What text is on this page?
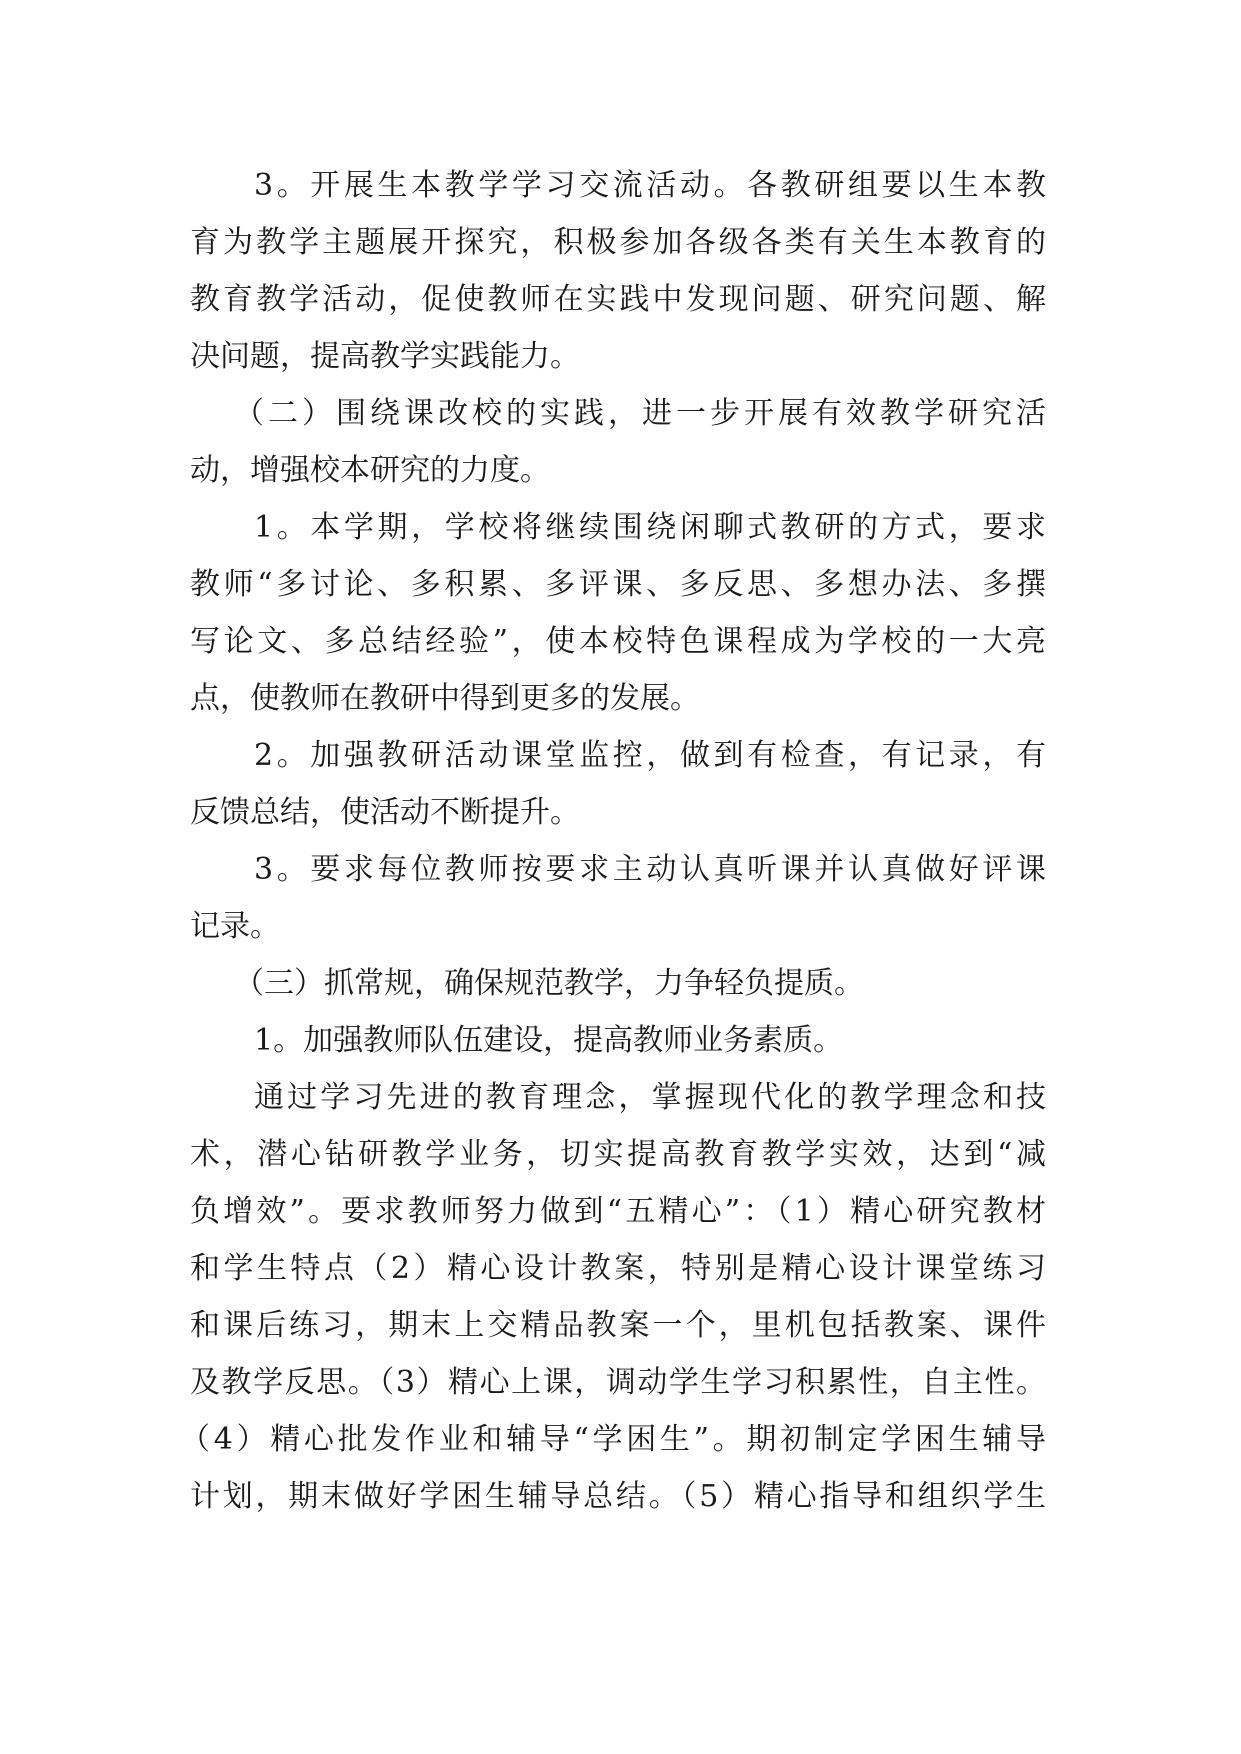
3。开展生本教学学习交流活动。各教研组要以生本教
育为教学主题展开探究，积极参加各级各类有关生本教育的
教育教学活动，促使教师在实践中发现问题、研究问题、解
决问题，提高教学实践能力。
（二）围绕课改校的实践，进一步开展有效教学研究活
动，增强校本研究的力度。
1。本学期，学校将继续围绕闲聊式教研的方式，要求
教师“多讨论、多积累、多评课、多反思、多想办法、多撰
写论文、多总结经验”，使本校特色课程成为学校的一大亮
点，使教师在教研中得到更多的发展。
2。加强教研活动课堂监控，做到有检查，有记录，有
反馈总结，使活动不断提升。
3。要求每位教师按要求主动认真听课并认真做好评课
记录。
（三）抓常规，确保规范教学，力争轻负提质。
1。加强教师队伍建设，提高教师业务素质。
通过学习先进的教育理念，掌握现代化的教学理念和技
术，潜心钻研教学业务，切实提高教育教学实效，达到“减
负增效”。要求教师努力做到“五精心”：（1）精心研究教材
和学生特点（2）精心设计教案，特别是精心设计课堂练习
和课后练习，期末上交精品教案一个，里机包括教案、课件
及教学反思。（3）精心上课，调动学生学习积累性，自主性。
（4）精心批发作业和辅导“学困生”。期初制定学困生辅导
计划，期末做好学困生辅导总结。（5）精心指导和组织学生
